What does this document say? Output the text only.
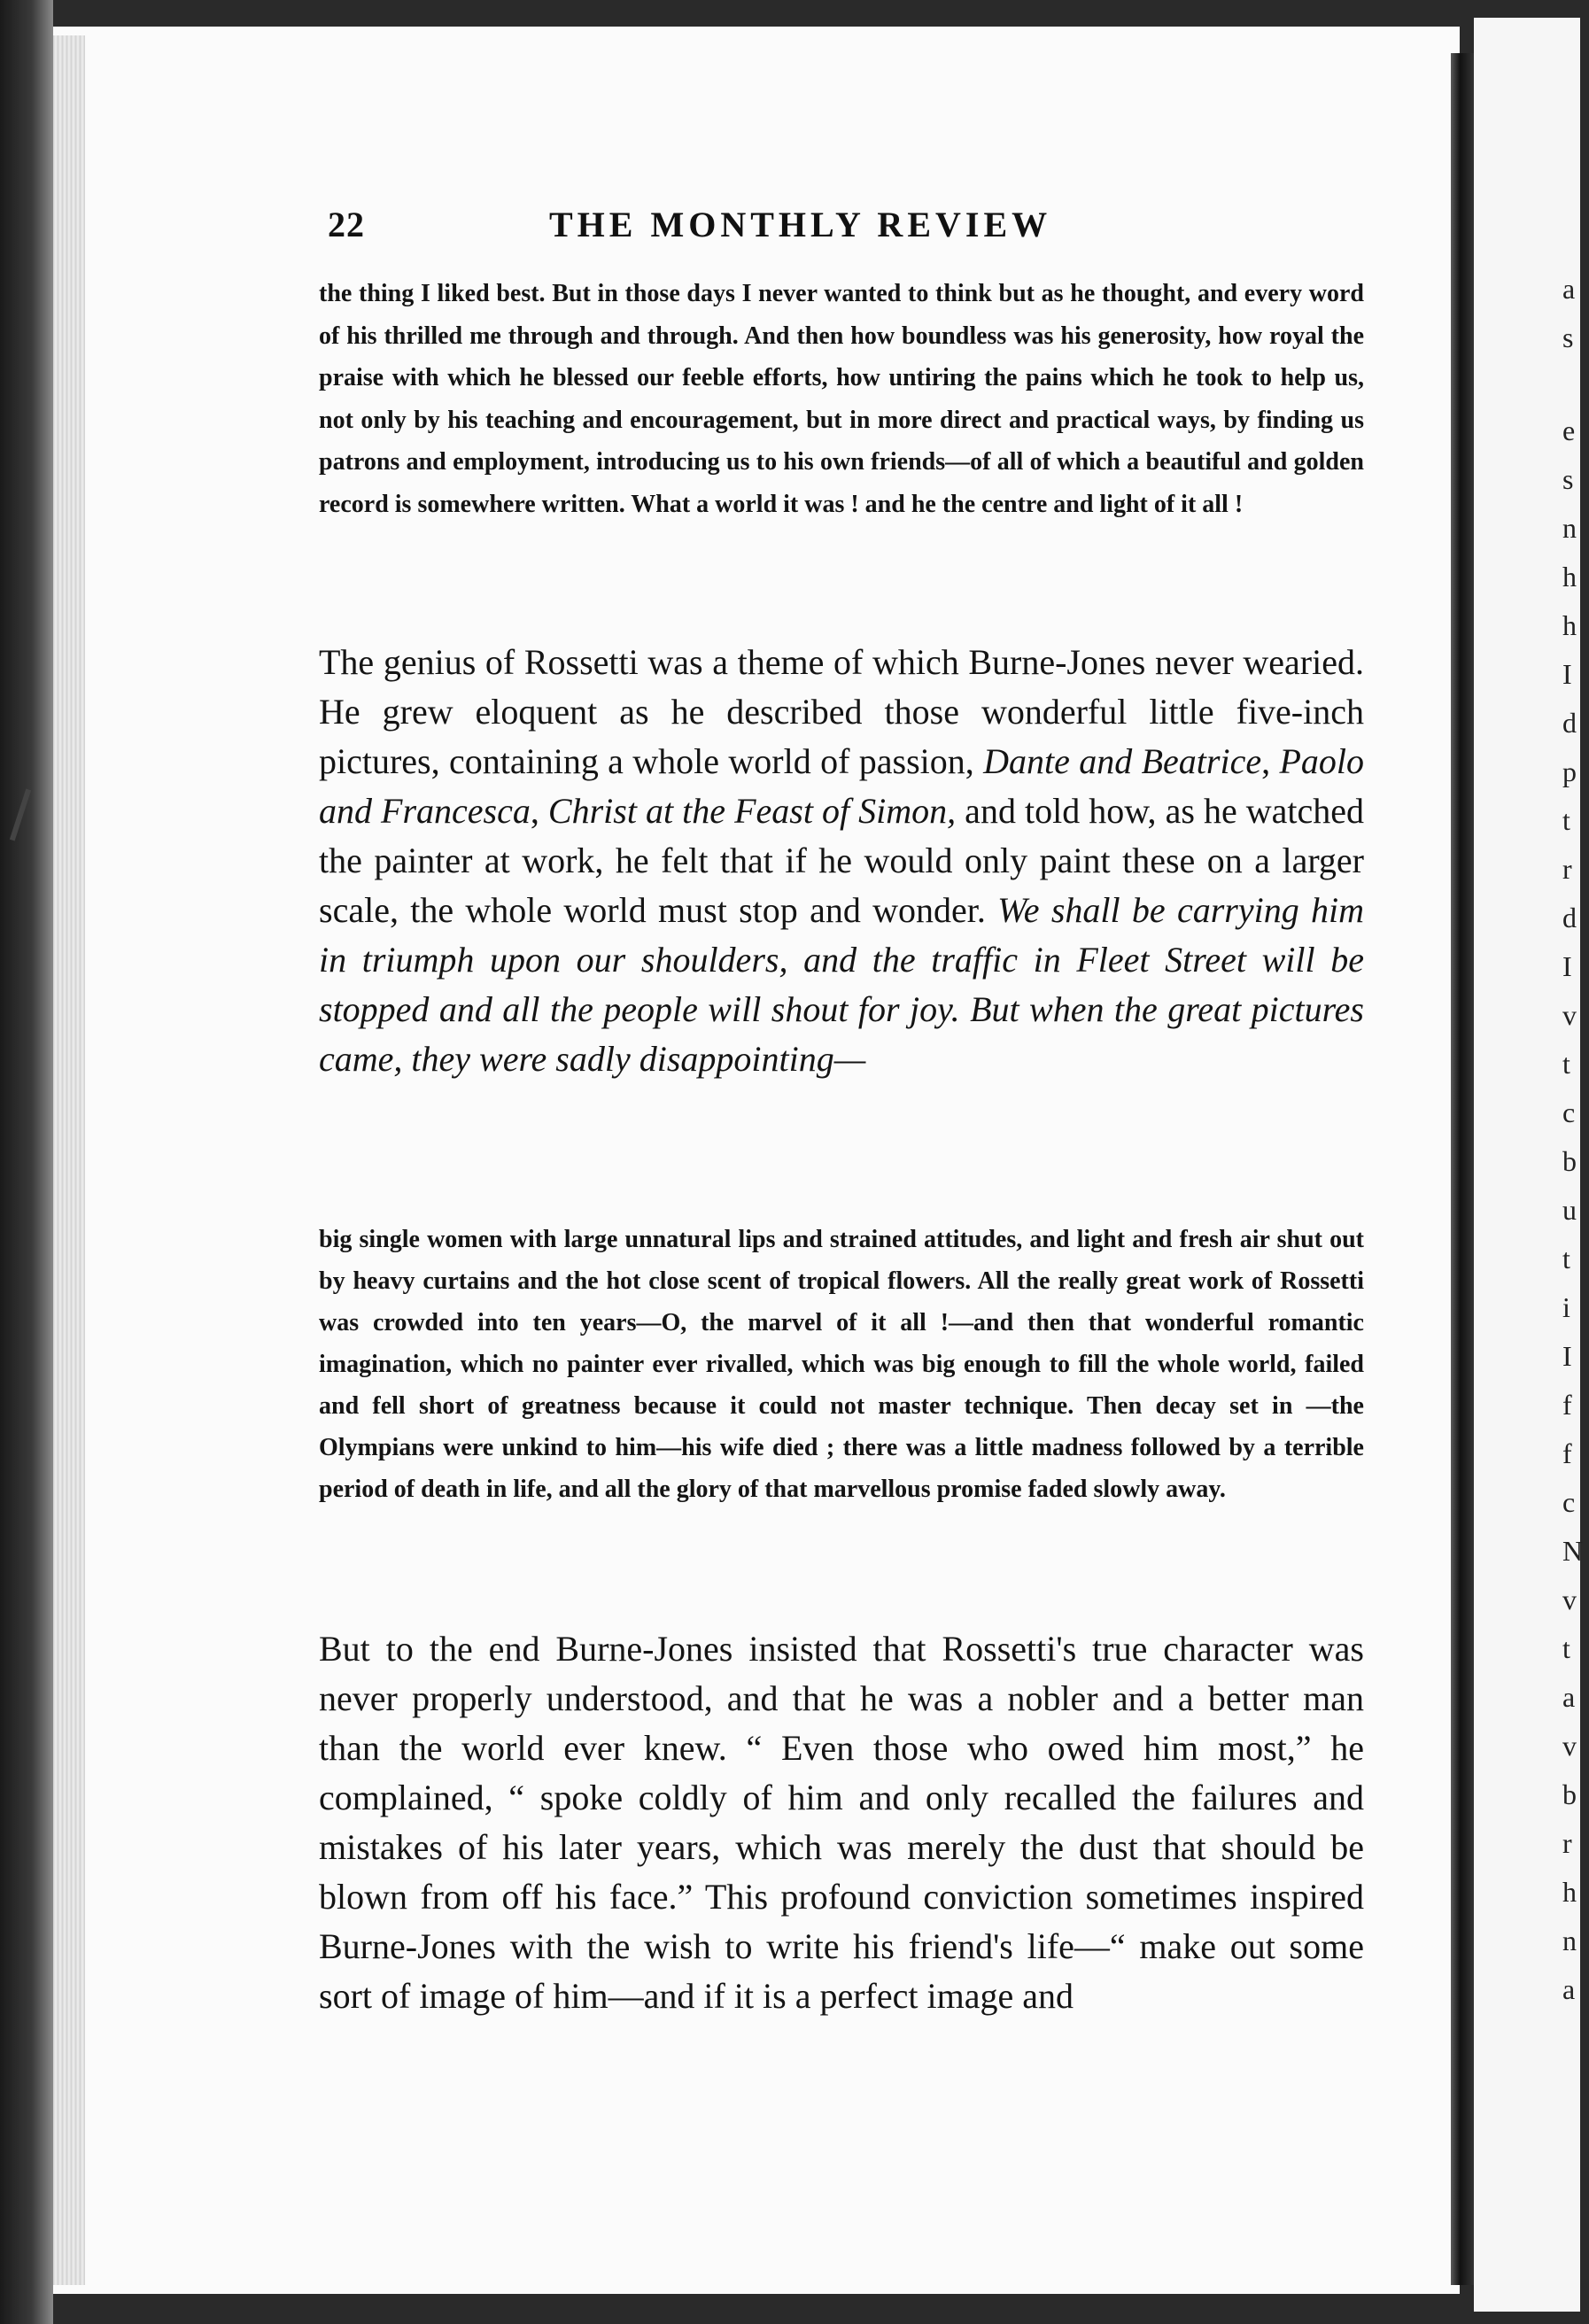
a
s
e
s
n
h
h
I
d
p
t
r
d
I
v
t
c
b
u
t
i
I
f
f
c
N
v
t
a
v
b
r
h
n
a
22	THE MONTHLY REVIEW

the thing I liked best. But in those days I never wanted to think but as he thought, and every word of his thrilled me through and through. And then how boundless was his generosity, how royal the praise with which he blessed our feeble efforts, how untiring the pains which he took to help us, not only by his teaching and encouragement, but in more direct and practical ways, by finding us patrons and employment, introducing us to his own friends—of all of which a beautiful and golden record is somewhere written. What a world it was ! and he the centre and light of it all !

The genius of Rossetti was a theme of which Burne-Jones never wearied. He grew eloquent as he described those wonderful little five-inch pictures, containing a whole world of passion, Dante and Beatrice, Paolo and Francesca, Christ at the Feast of Simon, and told how, as he watched the painter at work, he felt that if he would only paint these on a larger scale, the whole world must stop and wonder. We shall be carrying him in triumph upon our shoulders, and the traffic in Fleet Street will be stopped and all the people will shout for joy. But when the great pictures came, they were sadly disappointing—

big single women with large unnatural lips and strained attitudes, and light and fresh air shut out by heavy curtains and the hot close scent of tropical flowers. All the really great work of Rossetti was crowded into ten years—O, the marvel of it all !—and then that wonderful romantic imagination, which no painter ever rivalled, which was big enough to fill the whole world, failed and fell short of greatness because it could not master technique. Then decay set in —the Olympians were unkind to him—his wife died ; there was a little madness followed by a terrible period of death in life, and all the glory of that marvellous promise faded slowly away.

But to the end Burne-Jones insisted that Rossetti's true character was never properly understood, and that he was a nobler and a better man than the world ever knew. “ Even those who owed him most,” he complained, “ spoke coldly of him and only recalled the failures and mistakes of his later years, which was merely the dust that should be blown from off his face.” This profound conviction sometimes inspired Burne-Jones with the wish to write his friend's life—“ make out some sort of image of him—and if it is a perfect image and
